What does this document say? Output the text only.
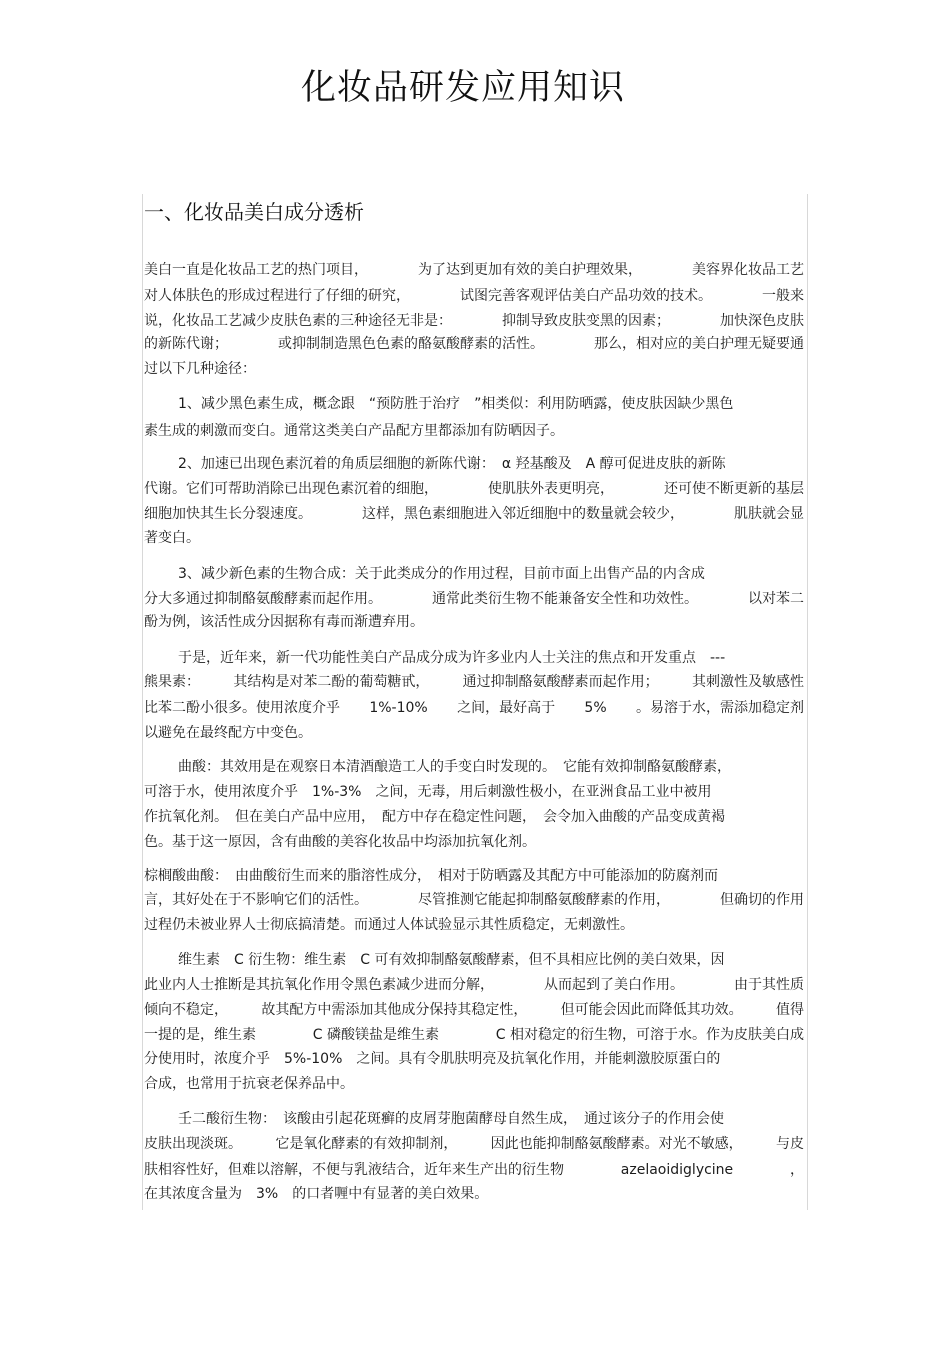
化妆品研发应用知识
一、化妆品美白成分透析
美白一直是化妆品工艺的热门项目，	为了达到更加有效的美白护理效果，	美容界化妆品工艺
对人体肤色的形成过程进行了仔细的研究，	试图完善客观评估美白产品功效的技术。	一般来
说，化妆品工艺减少皮肤色素的三种途径无非是：	抑制导致皮肤变黑的因素；	加快深色皮肤
的新陈代谢；	或抑制制造黑色色素的酪氨酸酵素的活性。	那么，相对应的美白护理无疑要通
过以下几种途径：
1、减少黑色素生成，概念跟　“预防胜于治疗　”相类似：利用防晒露，使皮肤因缺少黑色
素生成的刺激而变白。通常这类美白产品配方里都添加有防晒因子。
2、加速已出现色素沉着的角质层细胞的新陈代谢：　α 羟基酸及　A 醇可促进皮肤的新陈
代谢。它们可帮助消除已出现色素沉着的细胞，	使肌肤外表更明亮，	还可使不断更新的基层
细胞加快其生长分裂速度。	这样，黑色素细胞进入邻近细胞中的数量就会较少，	肌肤就会显
著变白。
3、减少新色素的生物合成：关于此类成分的作用过程，目前市面上出售产品的内含成
分大多通过抑制酪氨酸酵素而起作用。	通常此类衍生物不能兼备安全性和功效性。	以对苯二
酚为例，该活性成分因据称有毒而渐遭弃用。
于是，近年来，新一代功能性美白产品成分成为许多业内人士关注的焦点和开发重点　---
熊果素： 其结构是对苯二酚的葡萄糖甙， 通过抑制酪氨酸酵素而起作用； 其刺激性及敏感性
比苯二酚小很多。使用浓度介乎 1%-10% 之间，最好高于 5% 。易溶于水，需添加稳定剂
以避免在最终配方中变色。
曲酸：其效用是在观察日本清酒酿造工人的手变白时发现的。　它能有效抑制酪氨酸酵素，
可溶于水，使用浓度介乎　1%-3%　之间，无毒，用后刺激性极小，在亚洲食品工业中被用
作抗氧化剂。　但在美白产品中应用，　配方中存在稳定性问题，　会令加入曲酸的产品变成黄褐
色。基于这一原因，含有曲酸的美容化妆品中均添加抗氧化剂。
棕榈酸曲酸：　由曲酸衍生而来的脂溶性成分，　相对于防晒露及其配方中可能添加的防腐剂而
言，其好处在于不影响它们的活性。	尽管推测它能起抑制酪氨酸酵素的作用，	但确切的作用
过程仍未被业界人士彻底搞清楚。而通过人体试验显示其性质稳定，无刺激性。
维生素　C 衍生物：维生素　C 可有效抑制酪氨酸酵素，但不具相应比例的美白效果，因
此业内人士推断是其抗氧化作用令黑色素减少进而分解，	从而起到了美白作用。	由于其性质
倾向不稳定， 故其配方中需添加其他成分保持其稳定性， 但可能会因此而降低其功效。 值得
一提的是，维生素	C 磷酸镁盐是维生素	C 相对稳定的衍生物，可溶于水。作为皮肤美白成
分使用时，浓度介乎　5%-10%　之间。具有令肌肤明亮及抗氧化作用，并能刺激胶原蛋白的
合成，也常用于抗衰老保养品中。
壬二酸衍生物：　该酸由引起花斑癣的皮屑芽胞菌酵母自然生成，　通过该分子的作用会使
皮肤出现淡斑。 它是氧化酵素的有效抑制剂， 因此也能抑制酪氨酸酵素。对光不敏感， 与皮
肤相容性好，但难以溶解，不便与乳液结合，近年来生产出的衍生物	azelaoidiglycine	，
在其浓度含量为　3%　的口者喱中有显著的美白效果。
